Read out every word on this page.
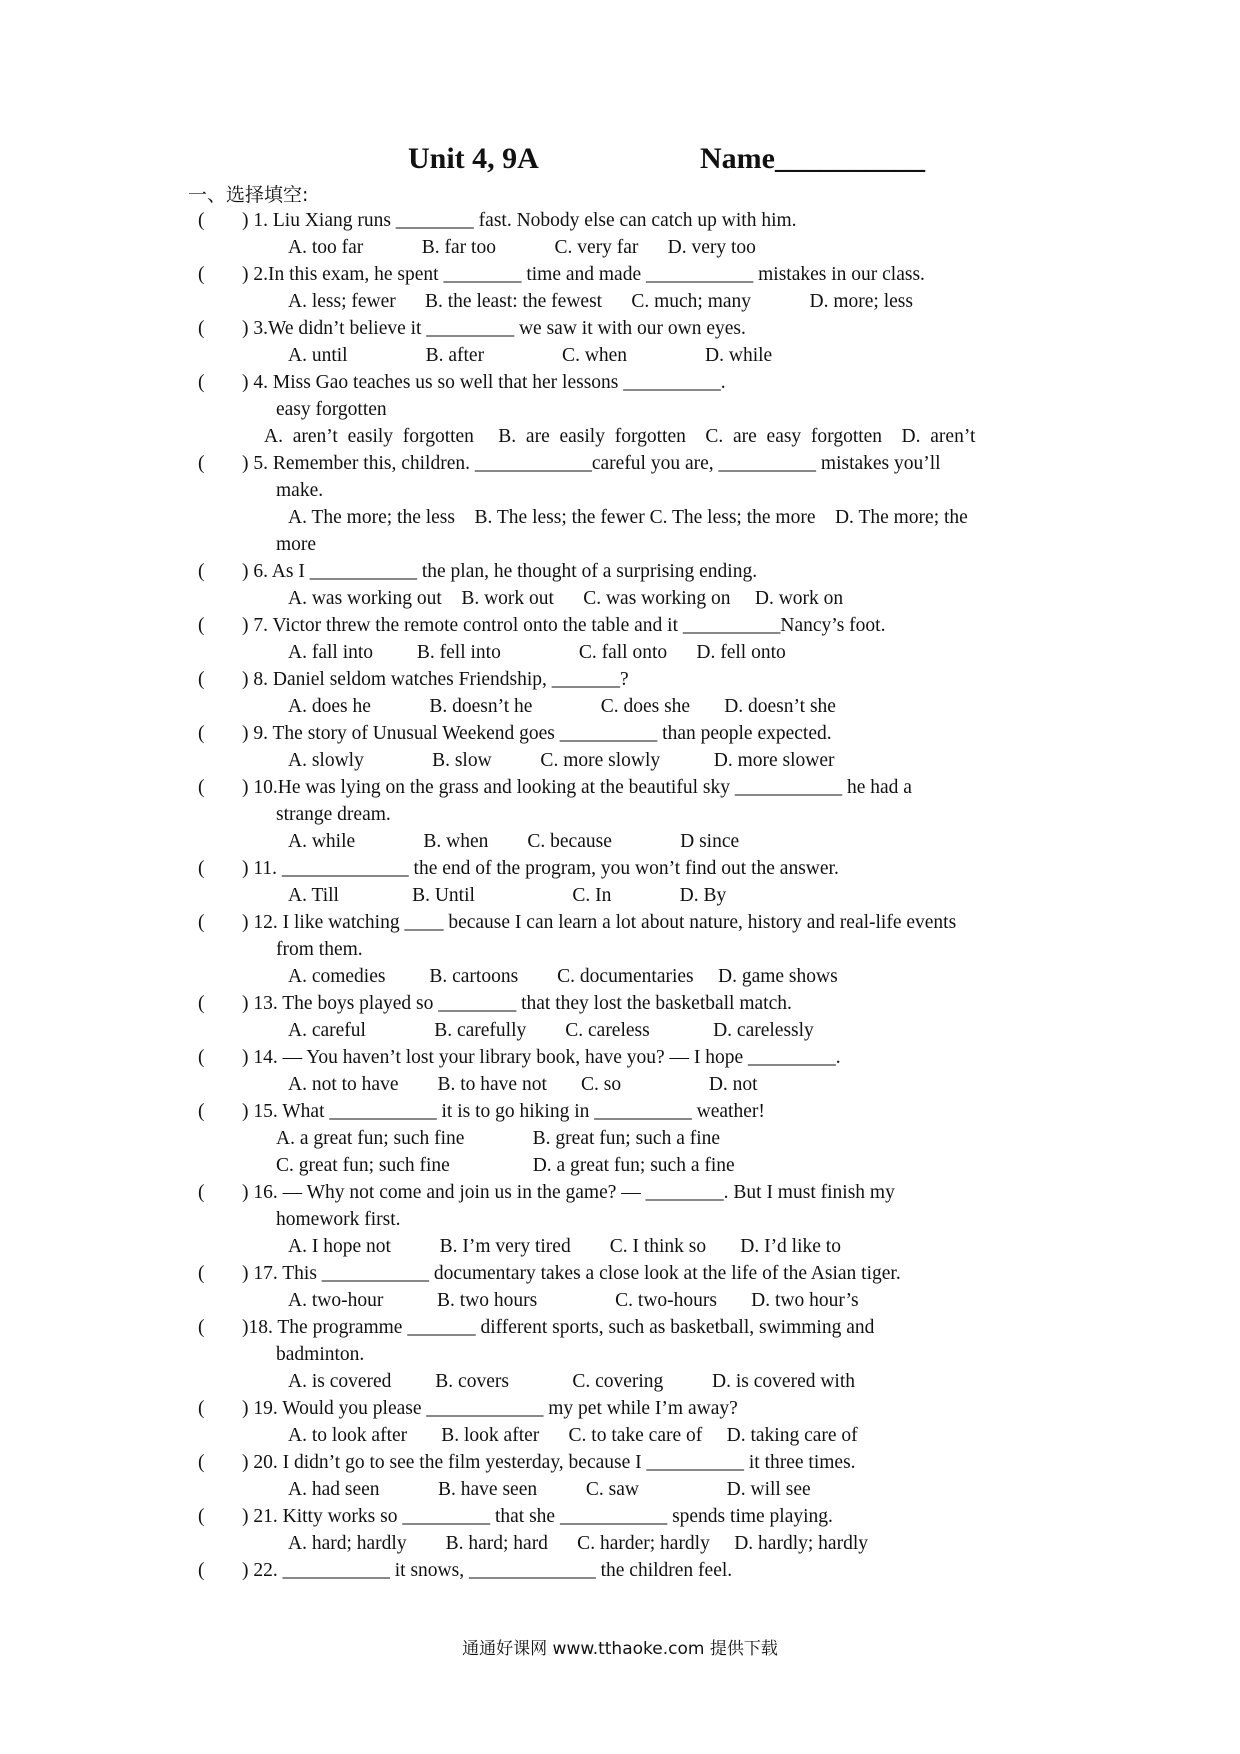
Unit 4, 9A	Name__________
一、选择填空:
( ) 1. Liu Xiang runs ________ fast. Nobody else can catch up with him.
A. too far            B. far too            C. very far      D. very too
( ) 2.In this exam, he spent ________ time and made ___________ mistakes in our class.
A. less; fewer      B. the least: the fewest      C. much; many            D. more; less
( ) 3.We didn’t believe it _________ we saw it with our own eyes.
A. until                B. after                C. when                D. while
( ) 4. Miss Gao teaches us so well that her lessons __________.
easy forgotten
A.  aren’t  easily  forgotten     B.  are  easily  forgotten    C.  are  easy  forgotten    D.  aren’t
( ) 5. Remember this, children. ____________careful you are, __________ mistakes you’ll
make.
A. The more; the less    B. The less; the fewer C. The less; the more    D. The more; the
more
( ) 6. As I ___________ the plan, he thought of a surprising ending.
A. was working out    B. work out      C. was working on     D. work on
( ) 7. Victor threw the remote control onto the table and it __________Nancy’s foot.
A. fall into         B. fell into                C. fall onto      D. fell onto
( ) 8. Daniel seldom watches Friendship, _______?
A. does he            B. doesn’t he              C. does she       D. doesn’t she
( ) 9. The story of Unusual Weekend goes __________ than people expected.
A. slowly              B. slow          C. more slowly           D. more slower
( ) 10.He was lying on the grass and looking at the beautiful sky ___________ he had a
strange dream.
A. while              B. when        C. because              D since
( ) 11. _____________ the end of the program, you won’t find out the answer.
A. Till               B. Until                    C. In              D. By
( ) 12. I like watching ____ because I can learn a lot about nature, history and real-life events
from them.
A. comedies         B. cartoons        C. documentaries     D. game shows
( ) 13. The boys played so ________ that they lost the basketball match.
A. careful              B. carefully        C. careless             D. carelessly
( ) 14. — You haven’t lost your library book, have you? — I hope _________.
A. not to have        B. to have not       C. so                  D. not
( ) 15. What ___________ it is to go hiking in __________ weather!
A. a great fun; such fine              B. great fun; such a fine
C. great fun; such fine                 D. a great fun; such a fine
( ) 16. — Why not come and join us in the game? — ________. But I must finish my
homework first.
A. I hope not          B. I’m very tired        C. I think so       D. I’d like to
( ) 17. This ___________ documentary takes a close look at the life of the Asian tiger.
A. two-hour           B. two hours                C. two-hours       D. two hour’s
( )18. The programme _______ different sports, such as basketball, swimming and
badminton.
A. is covered         B. covers             C. covering          D. is covered with
( ) 19. Would you please ____________ my pet while I’m away?
A. to look after       B. look after      C. to take care of     D. taking care of
( ) 20. I didn’t go to see the film yesterday, because I __________ it three times.
A. had seen            B. have seen          C. saw                  D. will see
( ) 21. Kitty works so _________ that she ___________ spends time playing.
A. hard; hardly        B. hard; hard      C. harder; hardly     D. hardly; hardly
( ) 22. ___________ it snows, _____________ the children feel.
通通好课网 www.tthaoke.com 提供下载
